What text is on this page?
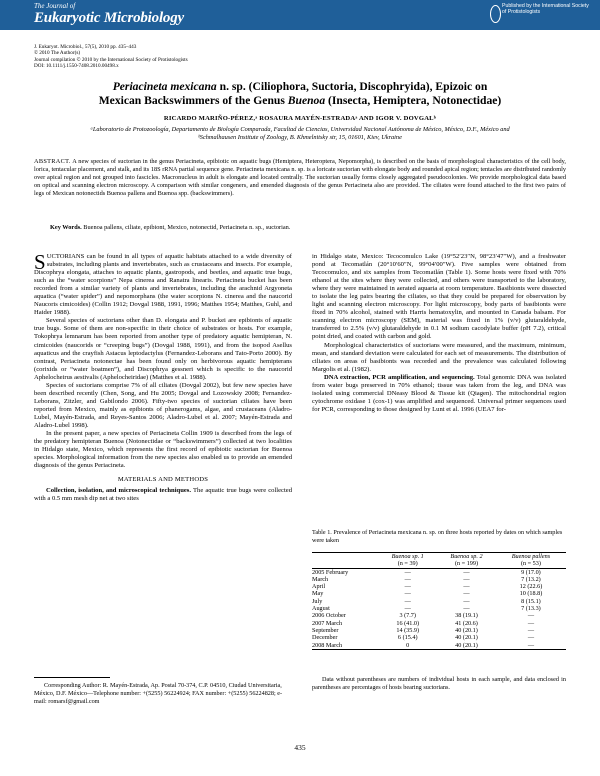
The Journal of
Eukaryotic Microbiology
Published by the International Society of Protistologists
J. Eukaryot. Microbiol., 57(5), 2010 pp. 435–443
© 2010 The Author(s)
Journal compilation © 2010 by the International Society of Protistologists
DOI: 10.1111/j.1550-7408.2010.00498.x
Periacineta mexicana n. sp. (Ciliophora, Suctoria, Discophryida), Epizoic on
Mexican Backswimmers of the Genus Buenoa (Insecta, Hemiptera, Notonectidae)
RICARDO MARIÑO-PÉREZ,ᵃ ROSAURA MAYÉN-ESTRADAᵃ AND IGOR V. DOVGALᵇ
ᵃLaboratorio de Protozoología, Departamento de Biología Comparada, Facultad de Ciencias, Universidad Nacional Autónoma de México, México, D.F., México and
ᵇSchmalhausen Institute of Zoology, B. Khmelnitsky str, 15, 01601, Kiev, Ukraine
ABSTRACT. A new species of suctorian in the genus Periacineta, epibiotic on aquatic bugs (Hemiptera, Heteroptera, Nepomorpha), is described on the basis of morphological characteristics of the cell body, lorica, tentacular placement, and stalk, and its 18S rRNA partial sequence gene. Periacineta mexicana n. sp. is a loricate suctorian with elongate body and rounded apical region; tentacles are distributed randomly over apical region and not grouped into fascicles. Macronucleus in adult is elongate and located centrally. The suctorian usually forms closely aggregated pseudocolonies. We provide morphological data based on optical and scanning electron microscopy. A comparison with similar congeners, and emended diagnosis of the genus Periacineta also are provided. The ciliates were found attached to the first two pairs of legs of Mexican notonectids Buenoa pallens and Buenoa spp. (backswimmers).
Key Words. Buenoa pallens, ciliate, epibiont, Mexico, notonectid, Periacineta n. sp., suctorian.

SUCTORIANS can be found in all types of aquatic habitats attached to a wide diversity of substrates, including plants and invertebrates, such as crustaceans and insects. For example, Discophrya elongata, attaches to aquatic plants, gastropods, and beetles, and aquatic true bugs, such as the “water scorpions” Nepa cinerea and Ranatra linearis. Periacineta buckei has been recorded from a similar variety of plants and invertebrates, including the arachnid Argyoneta aquatica (“water spider”) and nepomorphans (the water scorpions N. cinerea and the naucorid Naucoris cimicoides) (Collin 1912; Dovgal 1988, 1991, 1996; Matthes 1954; Matthes, Guhl, and Haider 1988).

Several species of suctorians other than D. elongata and P. buckei are epibionts of aquatic true bugs. Some of them are non-specific in their choice of substrates or hosts. For example, Tokophrya lemnarum has been reported from another type of predatory aquatic hemipteran, N. cimicoides (naucorids or “creeping bugs”) (Dovgal 1988, 1991), and from the isopod Asellus aquaticus and the crayfish Astacus leptodactylus (Fernandez-Leborans and Tato-Porto 2000). By contrast, Periacineta notonectae has been found only on herbivorous aquatic hemipterans (corixids or “water boatmen”), and Discophrya gessneri which is specific to the naucorid Aphelocheirus aestivalis (Aphelocheiridae) (Matthes et al. 1988).

Species of suctorians comprise 7% of all ciliates (Dovgal 2002), but few new species have been described recently (Chen, Song, and Hu 2005; Dovgal and Lozowskiy 2008; Fernandez-Leborans, Zitzler, and Gabilondo 2006). Fifty-two species of suctorian ciliates have been reported from Mexico, mainly as epibionts of phanerogams, algae, and crustaceans (Aladro-Lubel, Mayén-Estrada, and Reyes-Santos 2006; Aladro-Lubel et al. 2007; Mayén-Estrada and Aladro-Lubel 1998).

In the present paper, a new species of Periacineta Collin 1909 is described from the legs of the predatory hemipteran Buenoa (Notonectidae or “backswimmers”) collected at two localities in Hidalgo state, Mexico, which represents the first record of epibiotic suctorian for Buenoa species. Morphological information from the new species also enabled us to provide an emended diagnosis of the genus Periacineta.

MATERIALS AND METHODS

Collection, isolation, and microscopical techniques. The aquatic true bugs were collected with a 0.5 mm mesh dip net at two sites

Corresponding Author: R. Mayén-Estrada, Ap. Postal 70-374, C.P. 04510, Ciudad Universitaria, México, D.F. México—Telephone number: +(5255) 56224924; FAX number: +(5255) 56224828; e-mail: romarsf@gmail.com

in Hidalgo state, Mexico: Tecocomulco Lake (19°52′23″N, 98°23′47″W), and a freshwater pond at Tecomatlán (20°10′60″N, 99°04′00″W). Five samples were obtained from Tecocomulco, and six samples from Tecomatlán (Table 1). Some hosts were fixed with 70% ethanol at the sites where they were collected, and others were transported to the laboratory, where they were maintained in aerated aquaria at room temperature. Basibionts were dissected to isolate the leg pairs bearing the ciliates, so that they could be prepared for observation by light and scanning electron microscopy. For light microscopy, body parts of basibionts were fixed in 70% alcohol, stained with Harris hematoxylin, and mounted in Canada balsam. For scanning electron microscopy (SEM), material was fixed in 1% (v/v) glutaraldehyde, transferred to 2.5% (v/v) glutaraldehyde in 0.1 M sodium cacodylate buffer (pH 7.2), critical point dried, and coated with carbon and gold.

Morphological characteristics of suctorians were measured, and the maximum, minimum, mean, and standard deviation were calculated for each set of measurements. The distribution of ciliates on areas of basibionts was recorded and the prevalence was calculated following Margolis et al. (1982).

DNA extraction, PCR amplification, and sequencing. Total genomic DNA was isolated from water bugs preserved in 70% ethanol; tissue was taken from the leg, and DNA was isolated using commercial DNeasy Blood & Tissue kit (Qiagen). The mitochondrial region cytochrome oxidase 1 (cox-1) was amplified and sequenced. Universal primer sequences used for PCR, corresponding to those designed by Lunt et al. 1996 (UEA7 for-

Table 1. Prevalence of Periacineta mexicana n. sp. on three hosts reported by dates on which samples were taken
	Buenoa sp. 1	Buenoa sp. 2	Buenoa pallens
	(n = 39)	(n = 199)	(n = 53)
2005 February	—	—	9 (17.0)
March	—	—	7 (13.2)
April	—	—	12 (22.6)
May	—	—	10 (18.8)
July	—	—	8 (15.1)
August	—	—	7 (13.3)
2006 October	3 (7.7)	38 (19.1)	—
2007 March	16 (41.0)	41 (20.6)	—
September	14 (35.9)	40 (20.1)	—
December	6 (15.4)	40 (20.1)	—
2008 March	0	40 (20.1)	—

Data without parentheses are numbers of individual hosts in each sample, and data enclosed in parentheses are percentages of hosts bearing suctorians.

435
